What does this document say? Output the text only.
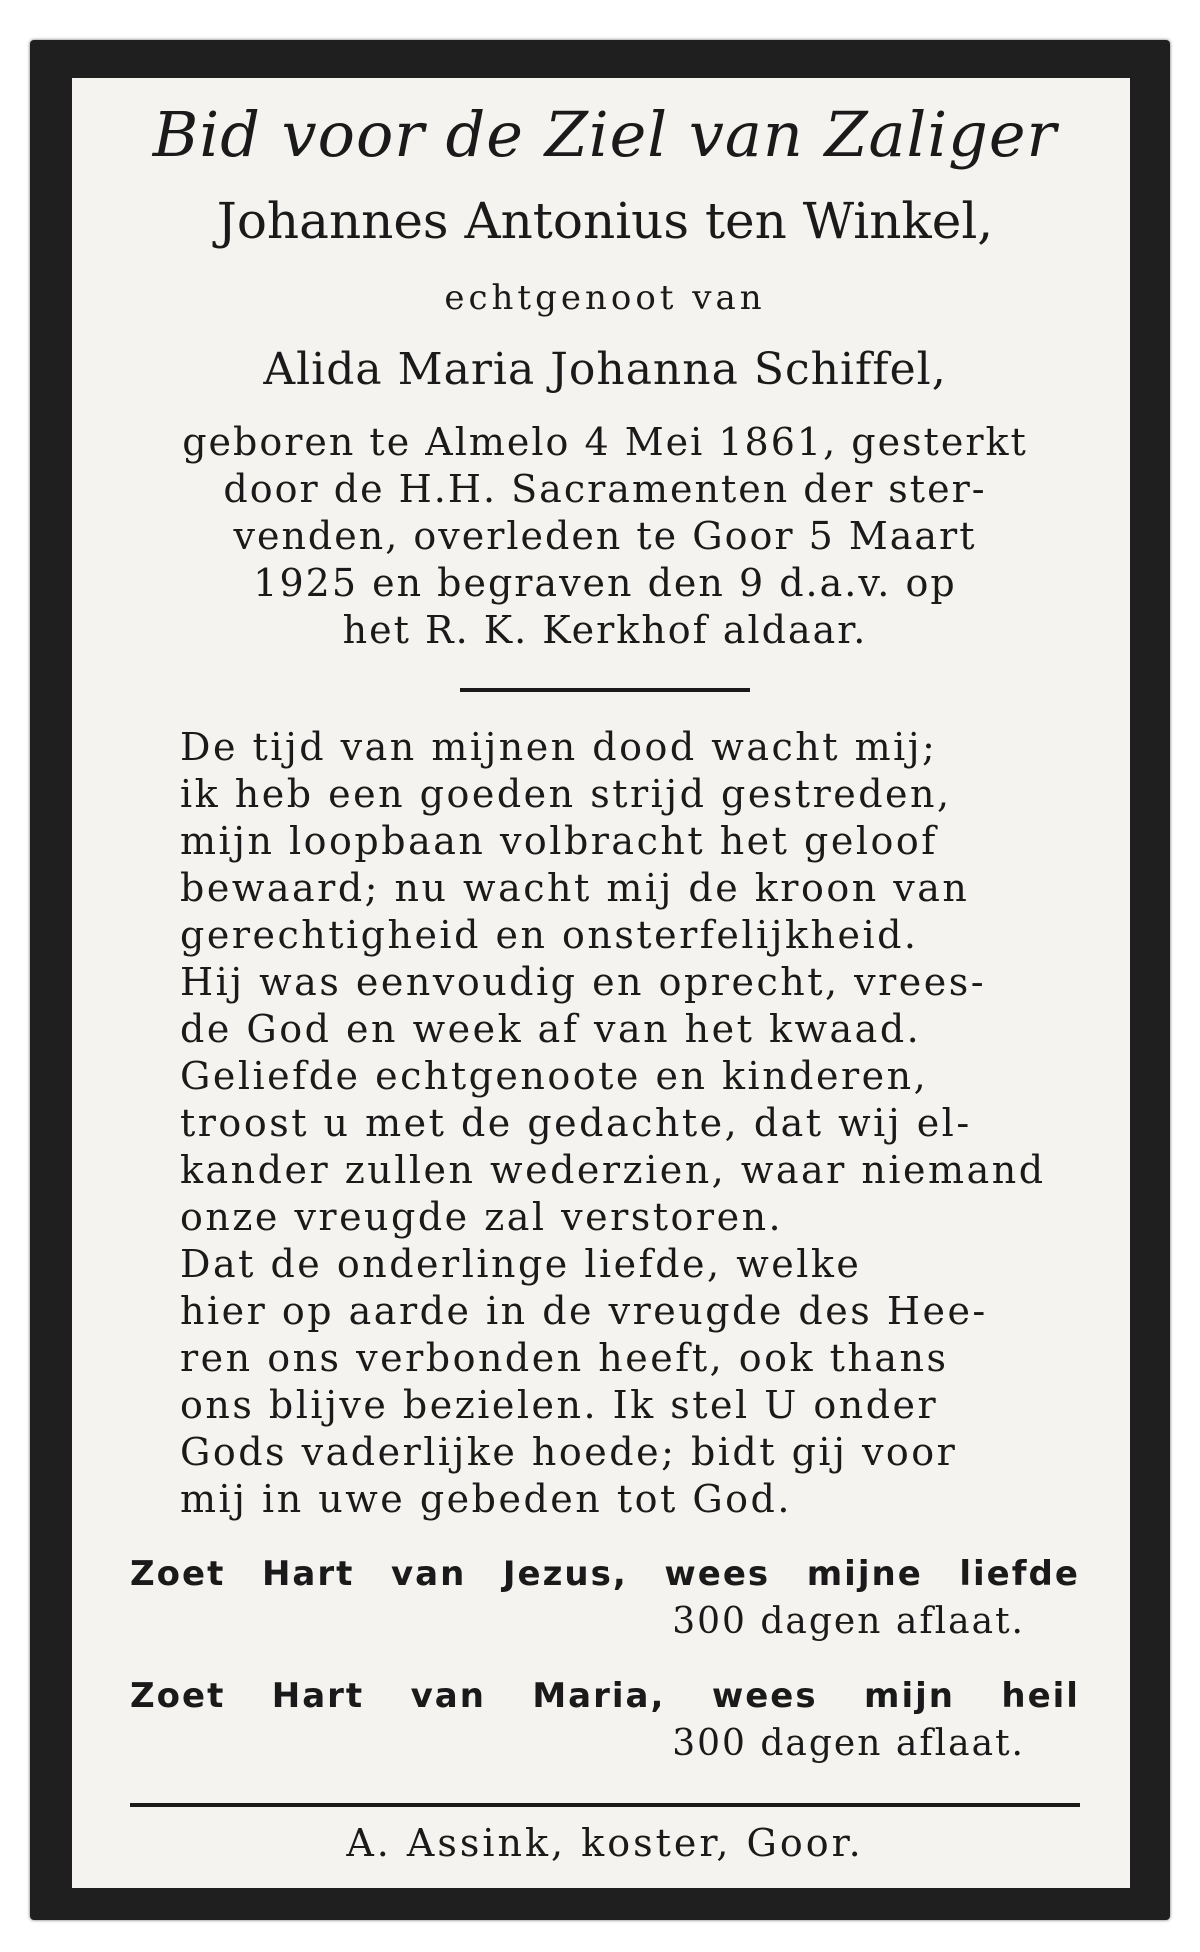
Bid voor de Ziel van Zaliger
Johannes Antonius ten Winkel,
echtgenoot van
Alida Maria Johanna Schiffel,
geboren te Almelo 4 Mei 1861, gesterkt
door de H.H. Sacramenten der ster-
venden, overleden te Goor 5 Maart
1925 en begraven den 9 d.a.v. op
het R. K. Kerkhof aldaar.
De tijd van mijnen dood wacht mij;
ik heb een goeden strijd gestreden,
mijn loopbaan volbracht het geloof
bewaard; nu wacht mij de kroon van
gerechtigheid en onsterfelijkheid.
Hij was eenvoudig en oprecht, vrees-
de God en week af van het kwaad.
Geliefde echtgenoote en kinderen,
troost u met de gedachte, dat wij el-
kander zullen wederzien, waar niemand
onze vreugde zal verstoren.
Dat de onderlinge liefde, welke
hier op aarde in de vreugde des Hee-
ren ons verbonden heeft, ook thans
ons blijve bezielen. Ik stel U onder
Gods vaderlijke hoede; bidt gij voor
mij in uwe gebeden tot God.
Zoet Hart van Jezus, wees mijne liefde
300 dagen aflaat.
Zoet Hart van Maria, wees mijn heil
300 dagen aflaat.
A. Assink, koster, Goor.
